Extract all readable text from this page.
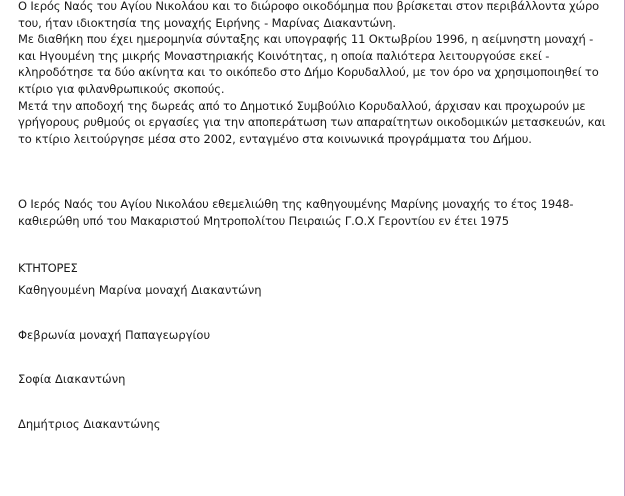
Ο Ιερός Ναός του Αγίου Νικολάου και το διώροφο οικοδόμημα που βρίσκεται στον περιβάλλοντα χώρο
του, ήταν ιδιοκτησία της μοναχής Ειρήνης - Μαρίνας Διακαντώνη.
Με διαθήκη που έχει ημερομηνία σύνταξης και υπογραφής 11 Οκτωβρίου 1996, η αείμνηστη μοναχή -
και Ηγουμένη της μικρής Μοναστηριακής Κοινότητας, η οποία παλιότερα λειτουργούσε εκεί -
κληροδότησε τα δύο ακίνητα και το οικόπεδο στο Δήμο Κορυδαλλού, με τον όρο να χρησιμοποιηθεί το
κτίριο για φιλανθρωπικούς σκοπούς.
Μετά την αποδοχή της δωρεάς από το Δημοτικό Συμβούλιο Κορυδαλλού, άρχισαν και προχωρούν με
γρήγορους ρυθμούς οι εργασίες για την αποπεράτωση των απαραίτητων οικοδομικών μετασκευών, και
το κτίριο λειτούργησε μέσα στο 2002, ενταγμένο στα κοινωνικά προγράμματα του Δήμου.
Ο Ιερός Ναός του Αγίου Νικολάου εθεμελιώθη της καθηγουμένης Μαρίνης μοναχής το έτος 1948-
καθιερώθη υπό του Μακαριστού Μητροπολίτου Πειραιώς Γ.Ο.Χ Γεροντίου εν έτει 1975
ΚΤΗΤΟΡΕΣ
Καθηγουμένη Μαρίνα μοναχή Διακαντώνη
Φεβρωνία μοναχή Παπαγεωργίου
Σοφία Διακαντώνη
Δημήτριος Διακαντώνης
